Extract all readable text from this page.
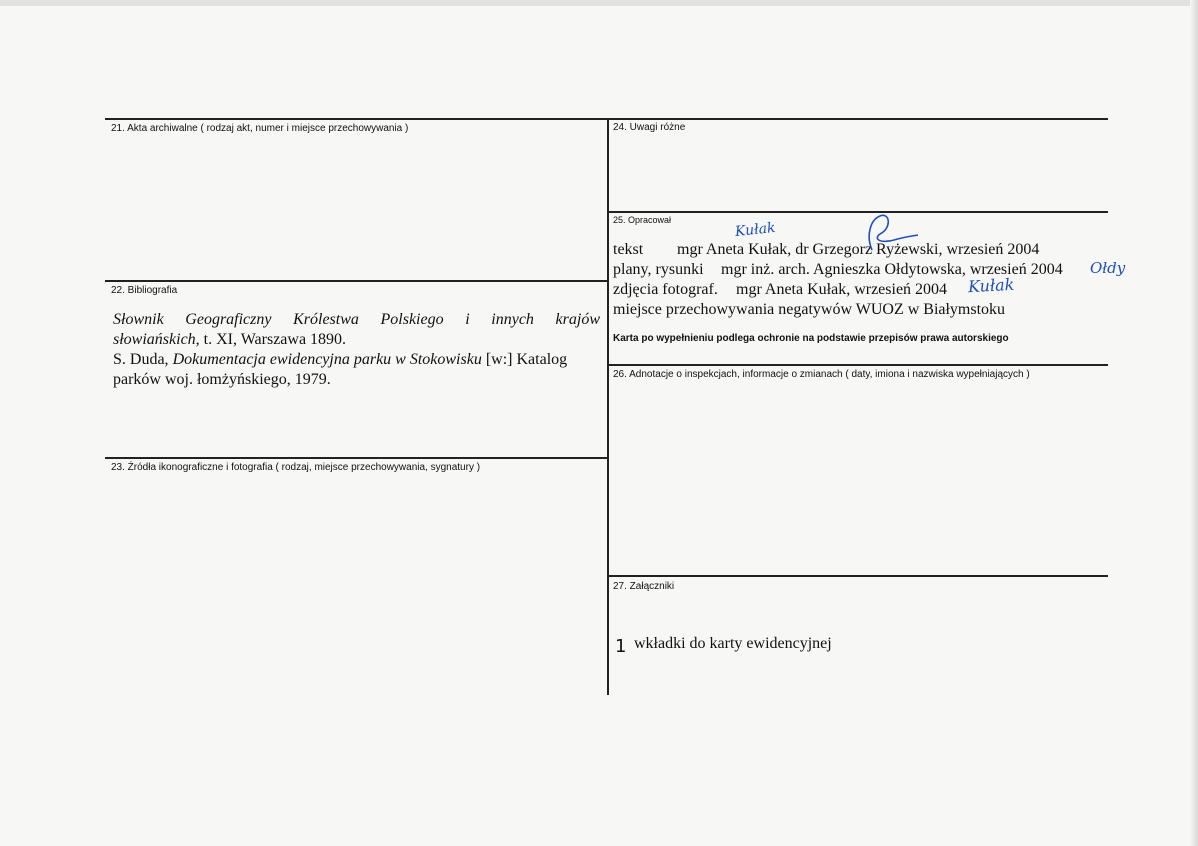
21. Akta archiwalne ( rodzaj akt, numer i miejsce przechowywania )
22. Bibliografia
Słownik Geograficzny Królestwa Polskiego i innych krajów
słowiańskich, t. XI, Warszawa 1890.
S. Duda, Dokumentacja ewidencyjna parku w Stokowisku [w:] Katalog
parków woj. łomżyńskiego, 1979.
23. Źródła ikonograficzne i fotografia ( rodzaj, miejsce przechowywania, sygnatury )
24. Uwagi różne
25. Opracował
tekst mgr Aneta Kułak, dr Grzegorz Ryżewski, wrzesień 2004
plany, rysunki mgr inż. arch. Agnieszka Ołdytowska, wrzesień 2004
zdjęcia fotograf. mgr Aneta Kułak, wrzesień 2004
miejsce przechowywania negatywów WUOZ w Białymstoku
Karta po wypełnieniu podlega ochronie na podstawie przepisów prawa autorskiego
Kułak
Ołdy
Kułak
26. Adnotacje o inspekcjach, informacje o zmianach ( daty, imiona i nazwiska wypełniających )
27. Załączniki
1 wkładki do karty ewidencyjnej
